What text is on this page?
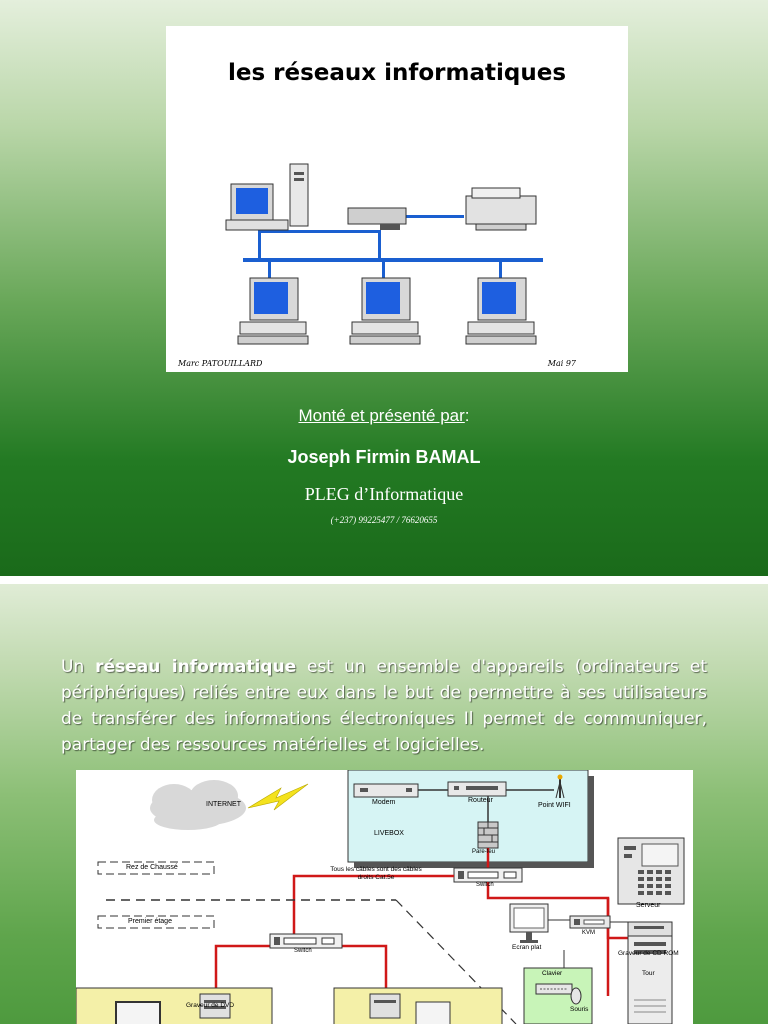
les réseaux informatiques
Marc PATOUILLARD	Mai 97
Monté et présenté par:
Joseph Firmin BAMAL
PLEG d’Informatique
(+237) 99225477 / 76620655

Un réseau informatique est un ensemble d'appareils (ordinateurs et périphériques) reliés entre eux dans le but de permettre à ses utilisateurs de transférer des informations électroniques Il permet de communiquer, partager des ressources matérielles et logicielles.

INTERNET	Modem	Routeur
Point WIFI
LIVEBOX
Pare-feu
Switch
Rez de Chaussé
Premier étage
Tous les câbles sont des câbles droits Cat.5e
Switch
Serveur
KVM
Ecran plat
Graveur de CD ROM
Tour
Clavier
Souris
Graveur de DVD
